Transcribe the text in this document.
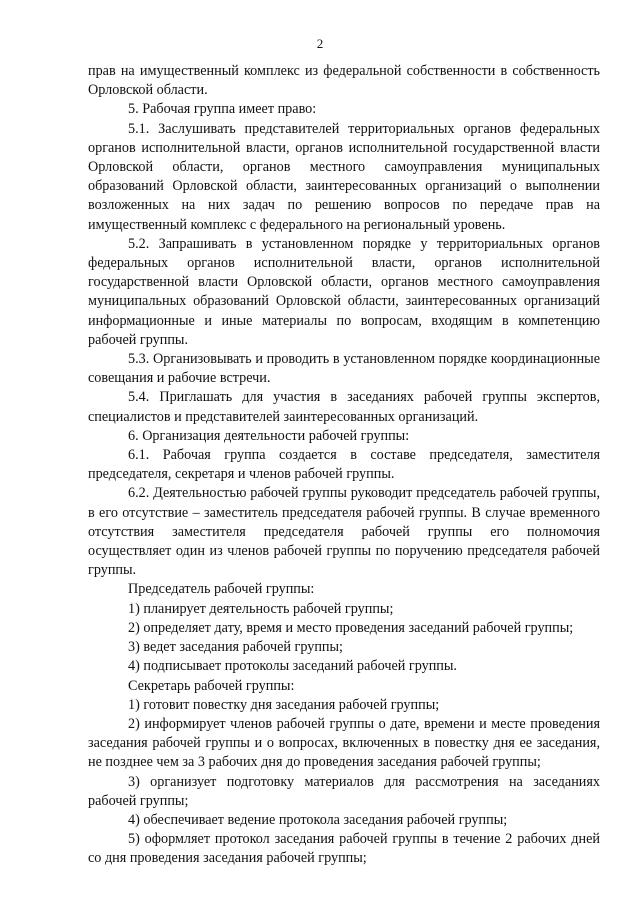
2

прав на имущественный комплекс из федеральной собственности в собственность Орловской области.

5. Рабочая группа имеет право:

5.1. Заслушивать представителей территориальных органов федеральных органов исполнительной власти, органов исполнительной государственной власти Орловской области, органов местного самоуправления муниципальных образований Орловской области, заинтересованных организаций о выполнении возложенных на них задач по решению вопросов по передаче прав на имущественный комплекс с федерального на региональный уровень.

5.2. Запрашивать в установленном порядке у территориальных органов федеральных органов исполнительной власти, органов исполнительной государственной власти Орловской области, органов местного самоуправления муниципальных образований Орловской области, заинтересованных организаций информационные и иные материалы по вопросам, входящим в компетенцию рабочей группы.

5.3. Организовывать и проводить в установленном порядке координационные совещания и рабочие встречи.

5.4. Приглашать для участия в заседаниях рабочей группы экспертов, специалистов и представителей заинтересованных организаций.

6. Организация деятельности рабочей группы:

6.1. Рабочая группа создается в составе председателя, заместителя председателя, секретаря и членов рабочей группы.

6.2. Деятельностью рабочей группы руководит председатель рабочей группы, в его отсутствие – заместитель председателя рабочей группы. В случае временного отсутствия заместителя председателя рабочей группы его полномочия осуществляет один из членов рабочей группы по поручению председателя рабочей группы.

Председатель рабочей группы:

1) планирует деятельность рабочей группы;

2) определяет дату, время и место проведения заседаний рабочей группы;

3) ведет заседания рабочей группы;

4) подписывает протоколы заседаний рабочей группы.

Секретарь рабочей группы:

1) готовит повестку дня заседания рабочей группы;

2) информирует членов рабочей группы о дате, времени и месте проведения заседания рабочей группы и о вопросах, включенных в повестку дня ее заседания, не позднее чем за 3 рабочих дня до проведения заседания рабочей группы;

3) организует подготовку материалов для рассмотрения на заседаниях рабочей группы;

4) обеспечивает ведение протокола заседания рабочей группы;

5) оформляет протокол заседания рабочей группы в течение 2 рабочих дней со дня проведения заседания рабочей группы;
